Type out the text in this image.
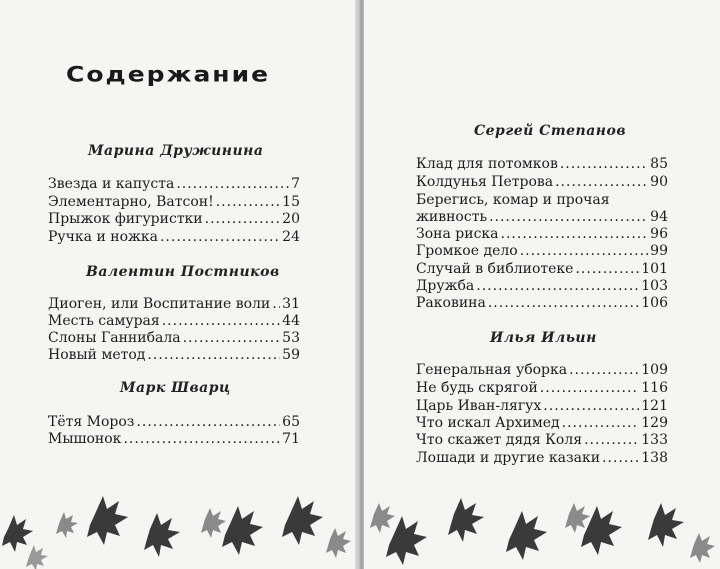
Содержание
Марина Дружинина
Звезда и капуста .....	7
Элементарно, Ватсон! .....	15
Прыжок фигуристки .....	20
Ручка и ножка .....	24
Валентин Постников
Диоген, или Воспитание воли ..... 31
Месть самурая .....	44
Слоны Ганнибала .....	53
Новый метод .....	59
Марк Шварц
Тётя Мороз .....	65
Мышонок .....	71
Сергей Степанов
Клад для потомков .....	85
Колдунья Петрова .....	90
Берегись, комар и прочая
живность .....	94
Зона риска .....	96
Громкое дело .....	99
Случай в библиотеке .....	101
Дружба .....	103
Раковина .....	106
Илья Ильин
Генеральная уборка .....	109
Не будь скрягой .....	116
Царь Иван-лягух .....	121
Что искал Архимед .....	129
Что скажет дядя Коля .....	133
Лошади и другие казаки .....	138
